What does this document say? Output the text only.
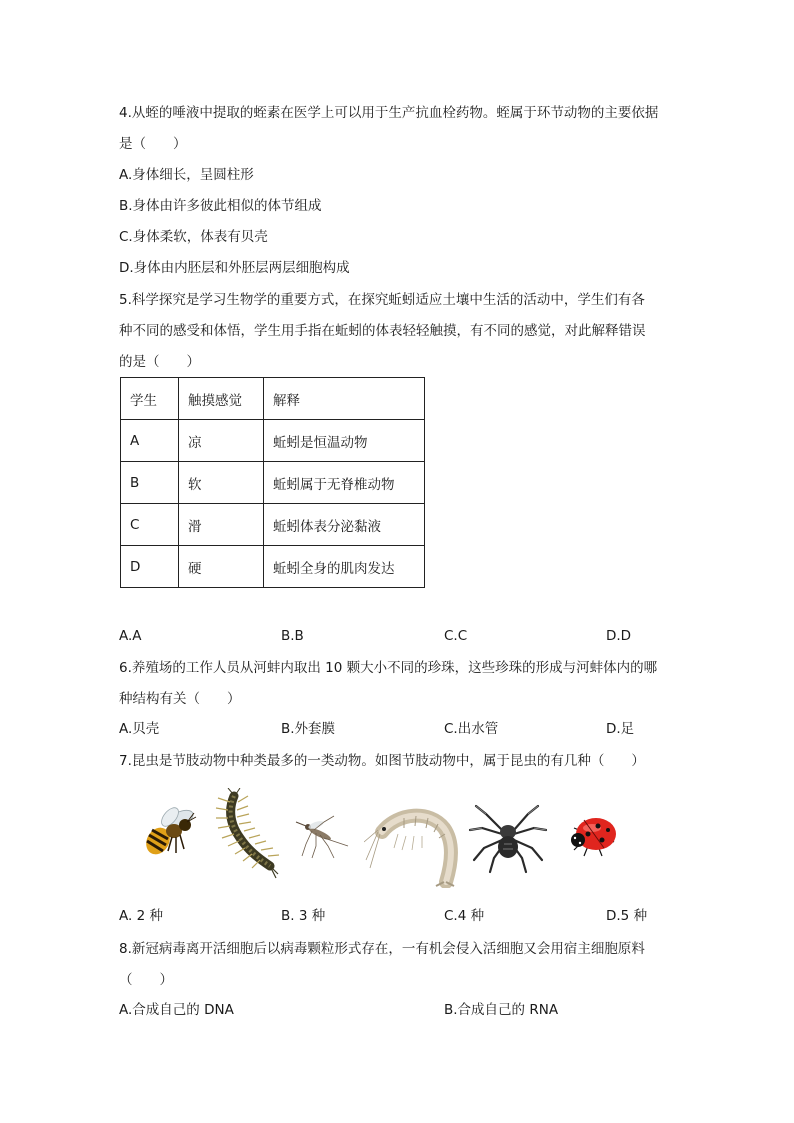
4.从蛭的唾液中提取的蛭素在医学上可以用于生产抗血栓药物。蛭属于环节动物的主要依据
是（　　）
A.身体细长，呈圆柱形
B.身体由许多彼此相似的体节组成
C.身体柔软，体表有贝壳
D.身体由内胚层和外胚层两层细胞构成
5.科学探究是学习生物学的重要方式，在探究蚯蚓适应土壤中生活的活动中，学生们有各
种不同的感受和体悟，学生用手指在蚯蚓的体表轻轻触摸，有不同的感觉，对此解释错误
的是（　　）
学生	触摸感觉	解释
A	凉	蚯蚓是恒温动物
B	软	蚯蚓属于无脊椎动物
C	滑	蚯蚓体表分泌黏液
D	硬	蚯蚓全身的肌肉发达
A.A	B.B	C.C	D.D
6.养殖场的工作人员从河蚌内取出 10 颗大小不同的珍珠，这些珍珠的形成与河蚌体内的哪
种结构有关（　　）
A.贝壳	B.外套膜	C.出水管	D.足
7.昆虫是节肢动物中种类最多的一类动物。如图节肢动物中，属于昆虫的有几种（　　）
A. 2 种	B. 3 种	C.4 种	D.5 种
8.新冠病毒离开活细胞后以病毒颗粒形式存在，一有机会侵入活细胞又会用宿主细胞原料
（　　）
A.合成自己的 DNA	B.合成自己的 RNA
